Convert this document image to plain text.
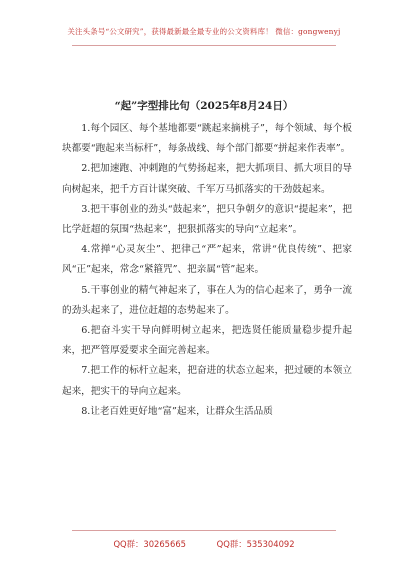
关注头条号“公文研究”，获得最新最全最专业的公文资料库！ 微信：gongwenyj
“起”字型排比句（2025年8月24日）

1.每个园区、每个基地都要“跳起来摘桃子”，每个领域、每个板块都要“跑起来当标杆”，每条战线、每个部门都要“拼起来作表率”。

2.把加速跑、冲刺跑的气势扬起来，把大抓项目、抓大项目的导向树起来，把千方百计谋突破、千军万马抓落实的干劲鼓起来。

3.把干事创业的劲头“鼓起来”，把只争朝夕的意识“提起来”，把比学赶超的氛围“热起来”，把狠抓落实的导向“立起来”。

4.常掸“心灵灰尘”、把律己“严”起来，常讲“优良传统”、把家风“正”起来，常念“紧箍咒”、把亲属“管”起来。

5.干事创业的精气神起来了，事在人为的信心起来了，勇争一流的劲头起来了，进位赶超的态势起来了。

6.把奋斗实干导向鲜明树立起来，把选贤任能质量稳步提升起来，把严管厚爱要求全面完善起来。

7.把工作的标杆立起来，把奋进的状态立起来，把过硬的本领立起来，把实干的导向立起来。

8.让老百姓更好地“富”起来，让群众生活品质

QQ群：30265665	QQ群：535304092
